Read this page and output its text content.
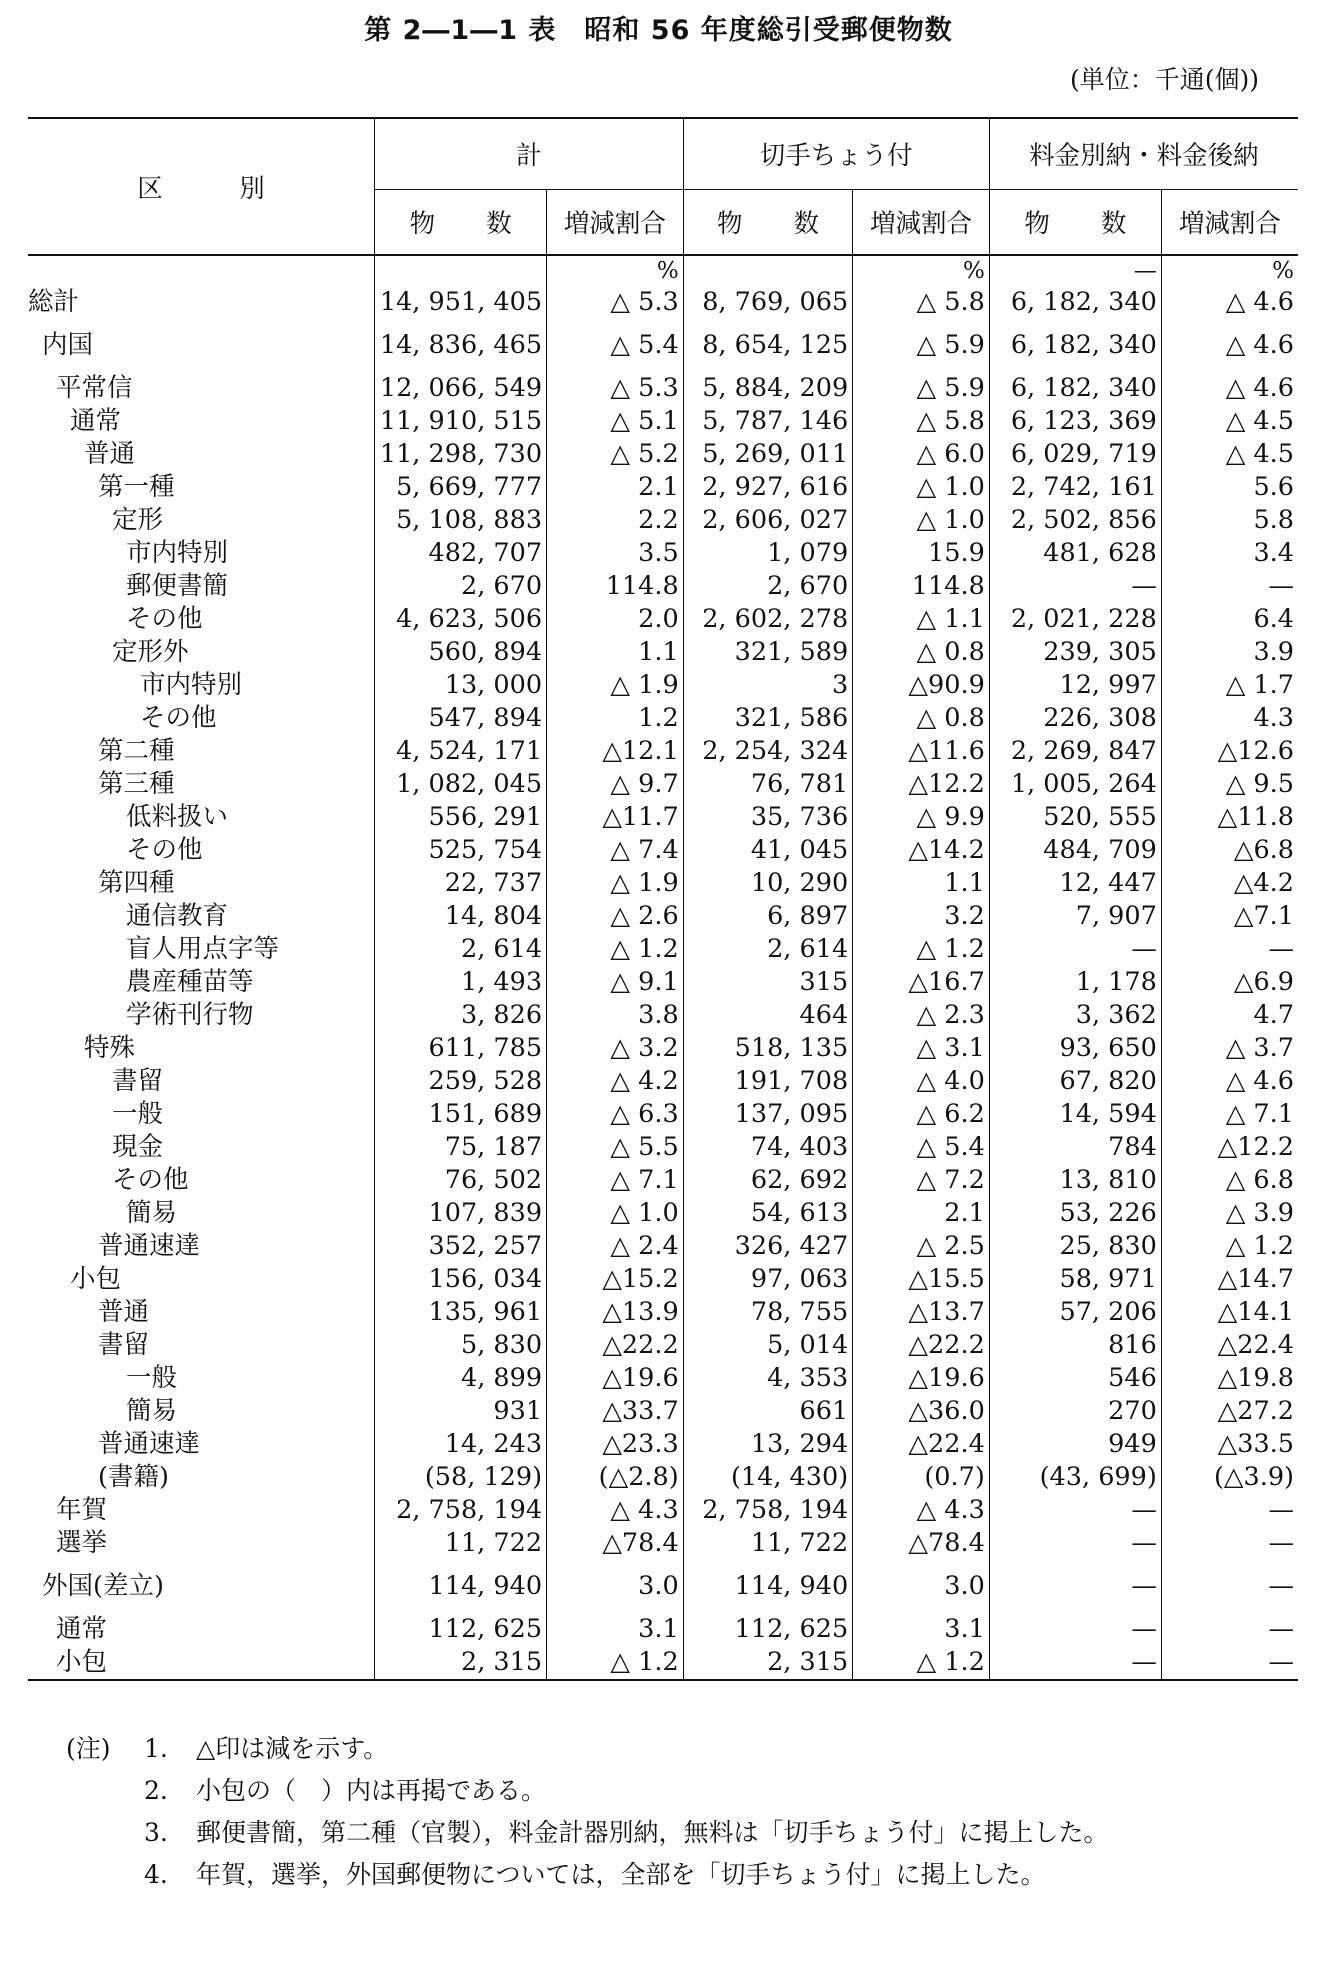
第 2―1―1 表　昭和 56 年度総引受郵便物数
(単位：千通(個))
区　　　別	計		切手ちょう付		料金別納・料金後納	
	物　　数	増減割合	物　　数	増減割合	物　　数	増減割合
		%		%	—	%

総計	14, 951, 405	△ 5.3	8, 769, 065	△ 5.8	6, 182, 340	△ 4.6

内国	14, 836, 465	△ 5.4	8, 654, 125	△ 5.9	6, 182, 340	△ 4.6

平常信	12, 066, 549	△ 5.3	5, 884, 209	△ 5.9	6, 182, 340	△ 4.6

通常	11, 910, 515	△ 5.1	5, 787, 146	△ 5.8	6, 123, 369	△ 4.5

普通	11, 298, 730	△ 5.2	5, 269, 011	△ 6.0	6, 029, 719	△ 4.5

第一種	5, 669, 777	2.1	2, 927, 616	△ 1.0	2, 742, 161	5.6

定形	5, 108, 883	2.2	2, 606, 027	△ 1.0	2, 502, 856	5.8

市内特別	482, 707	3.5	1, 079	15.9	481, 628	3.4

郵便書簡	2, 670	114.8	2, 670	114.8	—	—

その他	4, 623, 506	2.0	2, 602, 278	△ 1.1	2, 021, 228	6.4

定形外	560, 894	1.1	321, 589	△ 0.8	239, 305	3.9

市内特別	13, 000	△ 1.9	3	△90.9	12, 997	△ 1.7

その他	547, 894	1.2	321, 586	△ 0.8	226, 308	4.3

第二種	4, 524, 171	△12.1	2, 254, 324	△11.6	2, 269, 847	△12.6

第三種	1, 082, 045	△ 9.7	76, 781	△12.2	1, 005, 264	△ 9.5

低料扱い	556, 291	△11.7	35, 736	△ 9.9	520, 555	△11.8

その他	525, 754	△ 7.4	41, 045	△14.2	484, 709	△6.8

第四種	22, 737	△ 1.9	10, 290	1.1	12, 447	△4.2

通信教育	14, 804	△ 2.6	6, 897	3.2	7, 907	△7.1

盲人用点字等	2, 614	△ 1.2	2, 614	△ 1.2	—	—

農産種苗等	1, 493	△ 9.1	315	△16.7	1, 178	△6.9

学術刊行物	3, 826	3.8	464	△ 2.3	3, 362	4.7

特殊	611, 785	△ 3.2	518, 135	△ 3.1	93, 650	△ 3.7

書留	259, 528	△ 4.2	191, 708	△ 4.0	67, 820	△ 4.6

一般	151, 689	△ 6.3	137, 095	△ 6.2	14, 594	△ 7.1

現金	75, 187	△ 5.5	74, 403	△ 5.4	784	△12.2

その他	76, 502	△ 7.1	62, 692	△ 7.2	13, 810	△ 6.8

簡易	107, 839	△ 1.0	54, 613	2.1	53, 226	△ 3.9

普通速達	352, 257	△ 2.4	326, 427	△ 2.5	25, 830	△ 1.2

小包	156, 034	△15.2	97, 063	△15.5	58, 971	△14.7

普通	135, 961	△13.9	78, 755	△13.7	57, 206	△14.1

書留	5, 830	△22.2	5, 014	△22.2	816	△22.4

一般	4, 899	△19.6	4, 353	△19.6	546	△19.8

簡易	931	△33.7	661	△36.0	270	△27.2

普通速達	14, 243	△23.3	13, 294	△22.4	949	△33.5

(書籍)	(58, 129)	(△2.8)	(14, 430)	(0.7)	(43, 699)	(△3.9)

年賀	2, 758, 194	△ 4.3	2, 758, 194	△ 4.3	—	—

選挙	11, 722	△78.4	11, 722	△78.4	—	—

外国(差立)	114, 940	3.0	114, 940	3.0	—	—

通常	112, 625	3.1	112, 625	3.1	—	—

小包	2, 315	△ 1.2	2, 315	△ 1.2	—	—
(注)	1.	△印は減を示す。
2.	小包の（　）内は再掲である。
3.	郵便書簡，第二種（官製），料金計器別納，無料は「切手ちょう付」に掲上した。
4.	年賀，選挙，外国郵便物については，全部を「切手ちょう付」に掲上した。
